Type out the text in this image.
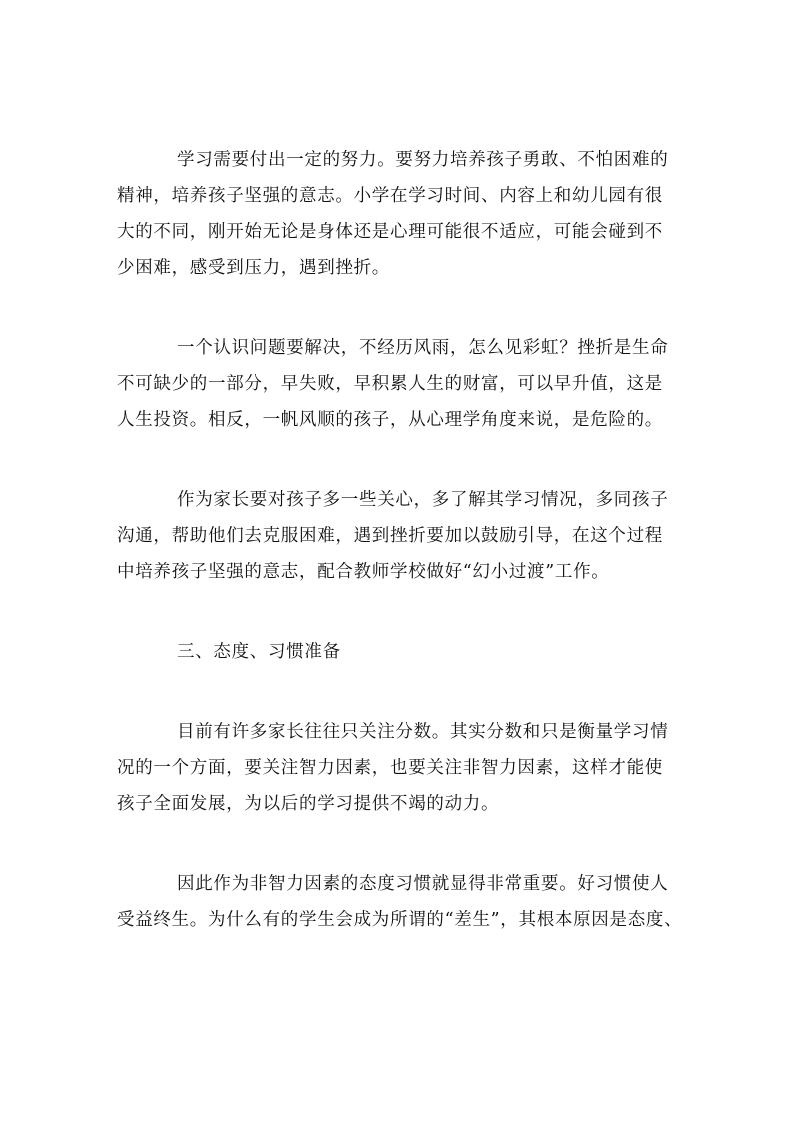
学习需要付出一定的努力。要努力培养孩子勇敢、不怕困难的
精神，培养孩子坚强的意志。小学在学习时间、内容上和幼儿园有很
大的不同，刚开始无论是身体还是心理可能很不适应，可能会碰到不
少困难，感受到压力，遇到挫折。

一个认识问题要解决，不经历风雨，怎么见彩虹？挫折是生命
不可缺少的一部分，早失败，早积累人生的财富，可以早升值，这是
人生投资。相反，一帆风顺的孩子，从心理学角度来说，是危险的。

作为家长要对孩子多一些关心，多了解其学习情况，多同孩子
沟通，帮助他们去克服困难，遇到挫折要加以鼓励引导，在这个过程
中培养孩子坚强的意志，配合教师学校做好“幻小过渡”工作。

三、态度、习惯准备

目前有许多家长往往只关注分数。其实分数和只是衡量学习情
况的一个方面，要关注智力因素，也要关注非智力因素，这样才能使
孩子全面发展，为以后的学习提供不竭的动力。

因此作为非智力因素的态度习惯就显得非常重要。好习惯使人
受益终生。为什么有的学生会成为所谓的“差生”，其根本原因是态度、
